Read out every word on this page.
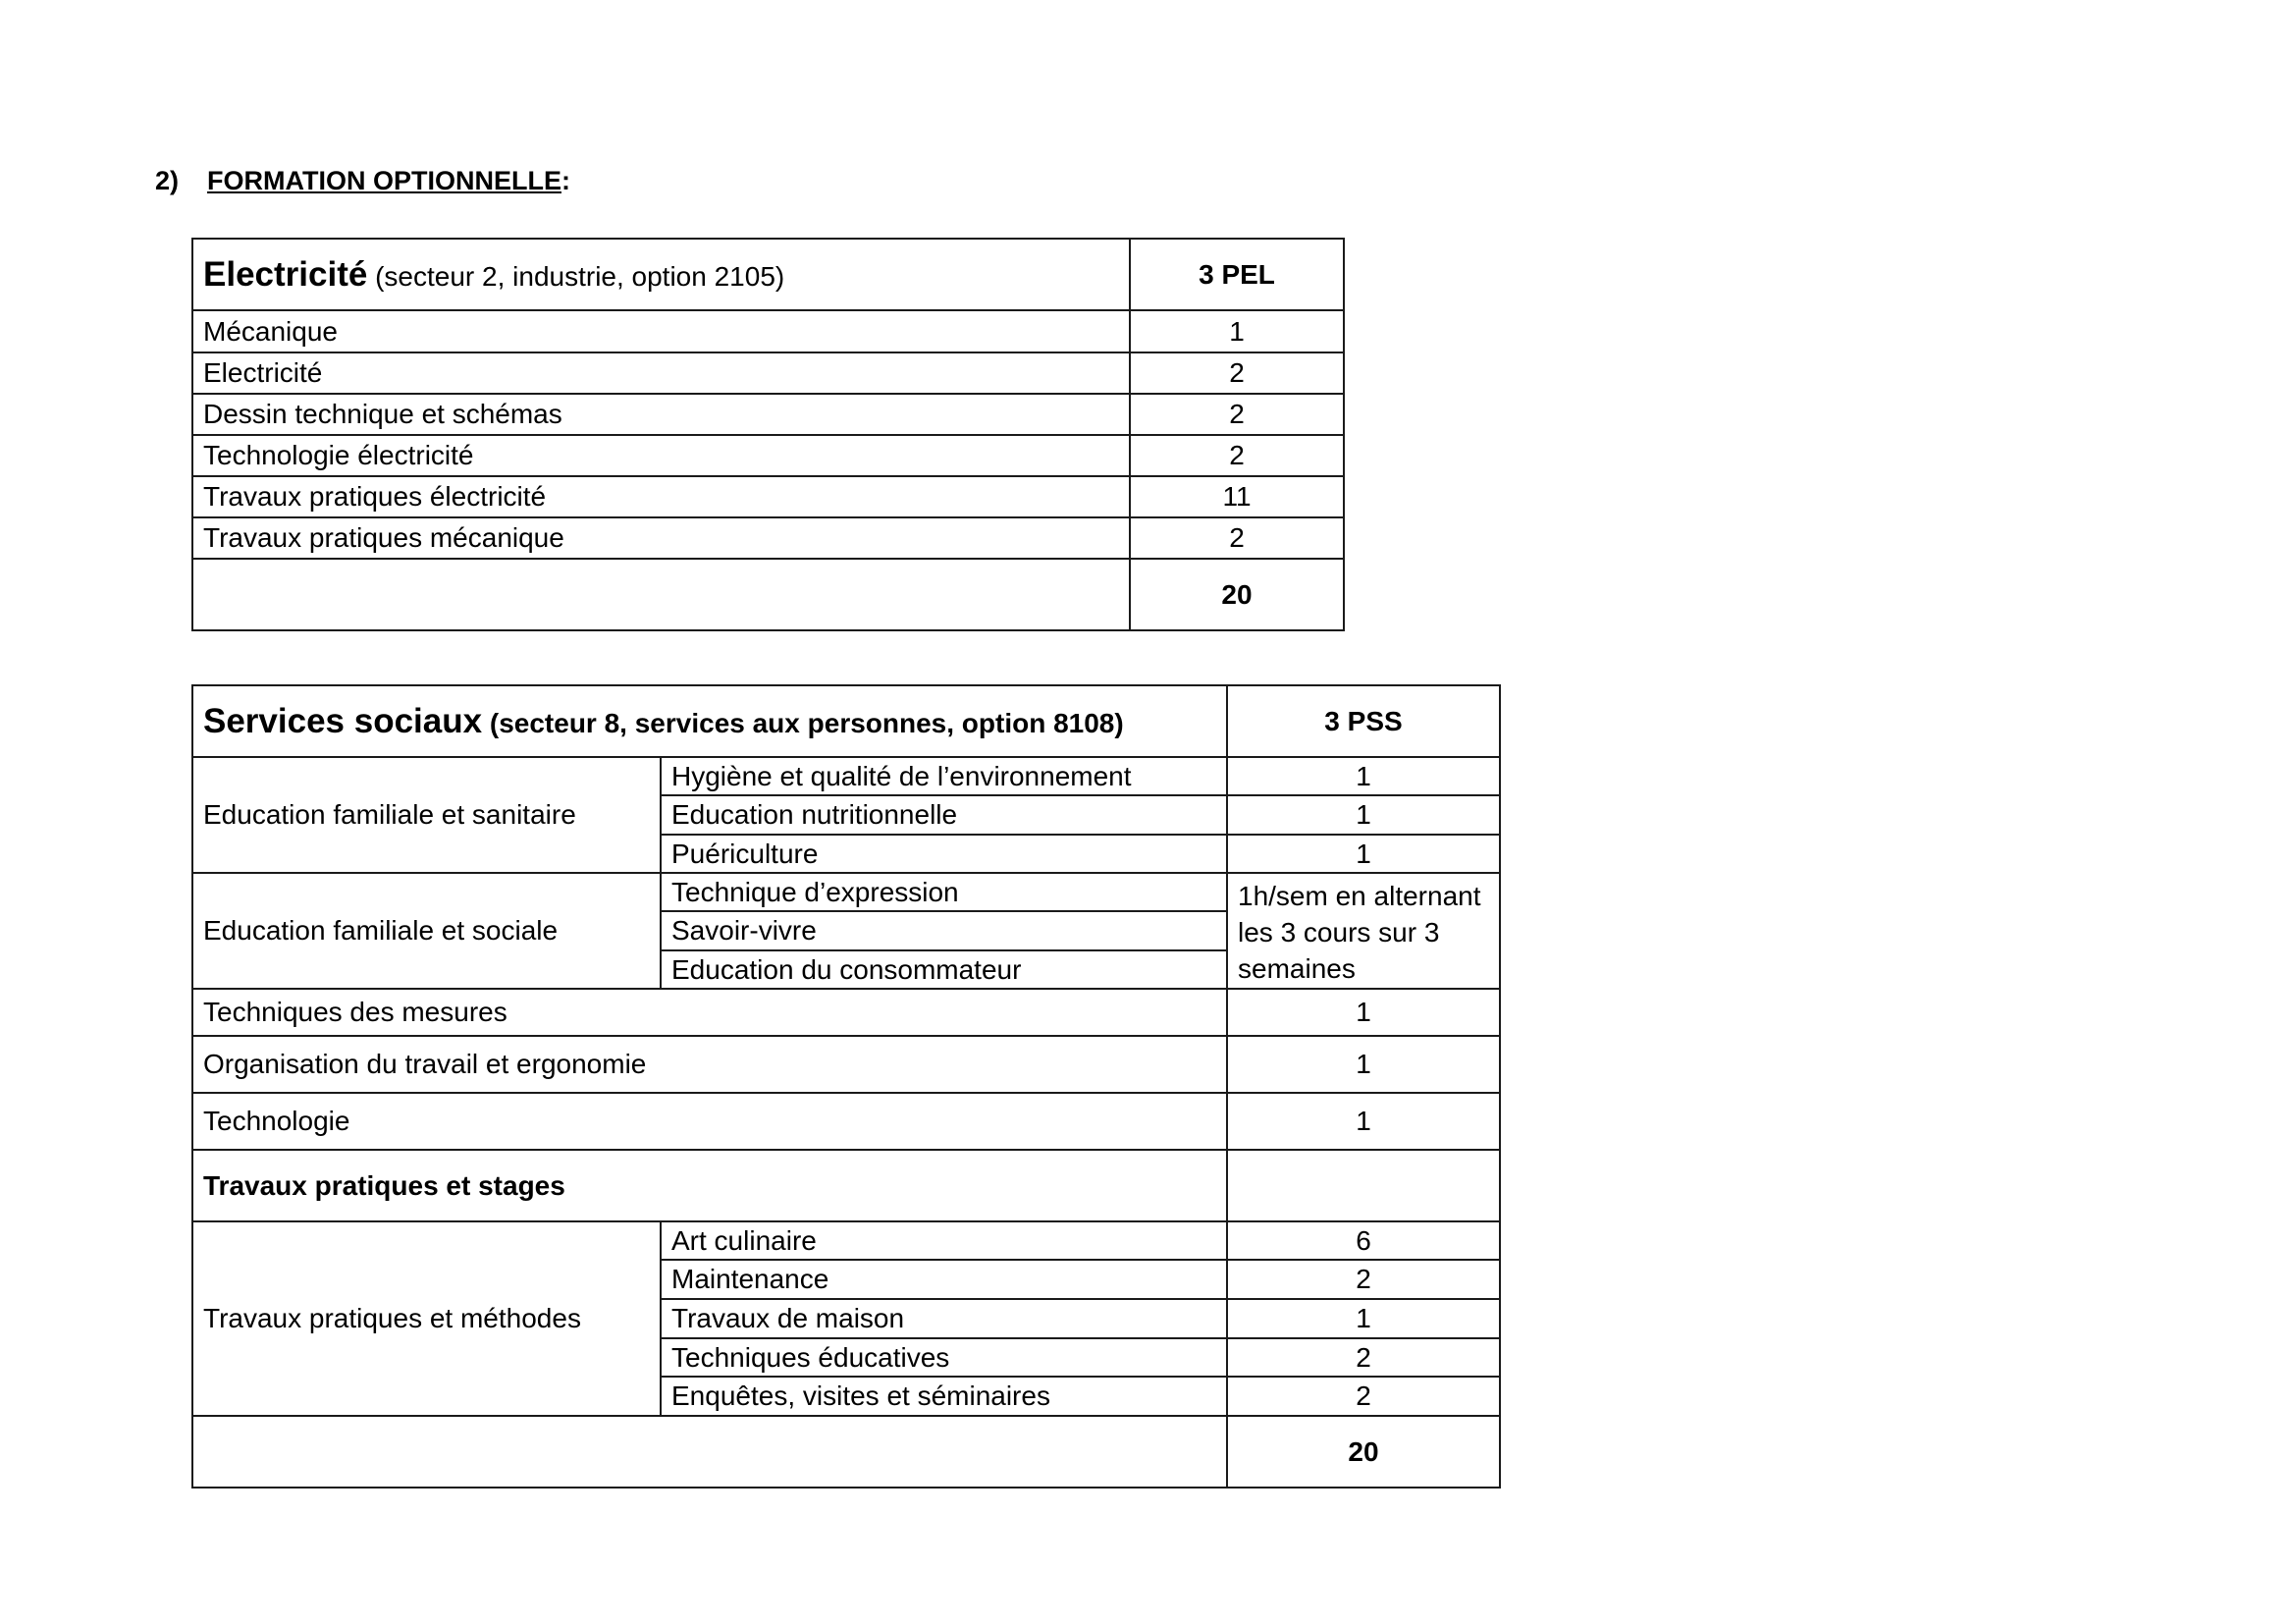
2) FORMATION OPTIONNELLE:
Electricité (secteur 2, industrie, option 2105)	3 PEL
Mécanique	1
Electricité	2
Dessin technique et schémas	2
Technologie électricité	2
Travaux pratiques électricité	11
Travaux pratiques mécanique	2
	20
Services sociaux (secteur 8, services aux personnes, option 8108)		3 PSS
Education familiale et sanitaire	Hygiène et qualité de l’environnement	1
	Education nutritionnelle	1
	Puériculture	1
Education familiale et sociale	Technique d’expression	1h/sem en alternant les 3 cours sur 3 semaines
	Savoir-vivre	
	Education du consommateur	
Techniques des mesures		1
Organisation du travail et ergonomie		1
Technologie		1
Travaux pratiques et stages		
Travaux pratiques et méthodes	Art culinaire	6
	Maintenance	2
	Travaux de maison	1
	Techniques éducatives	2
	Enquêtes, visites et séminaires	2
		20
